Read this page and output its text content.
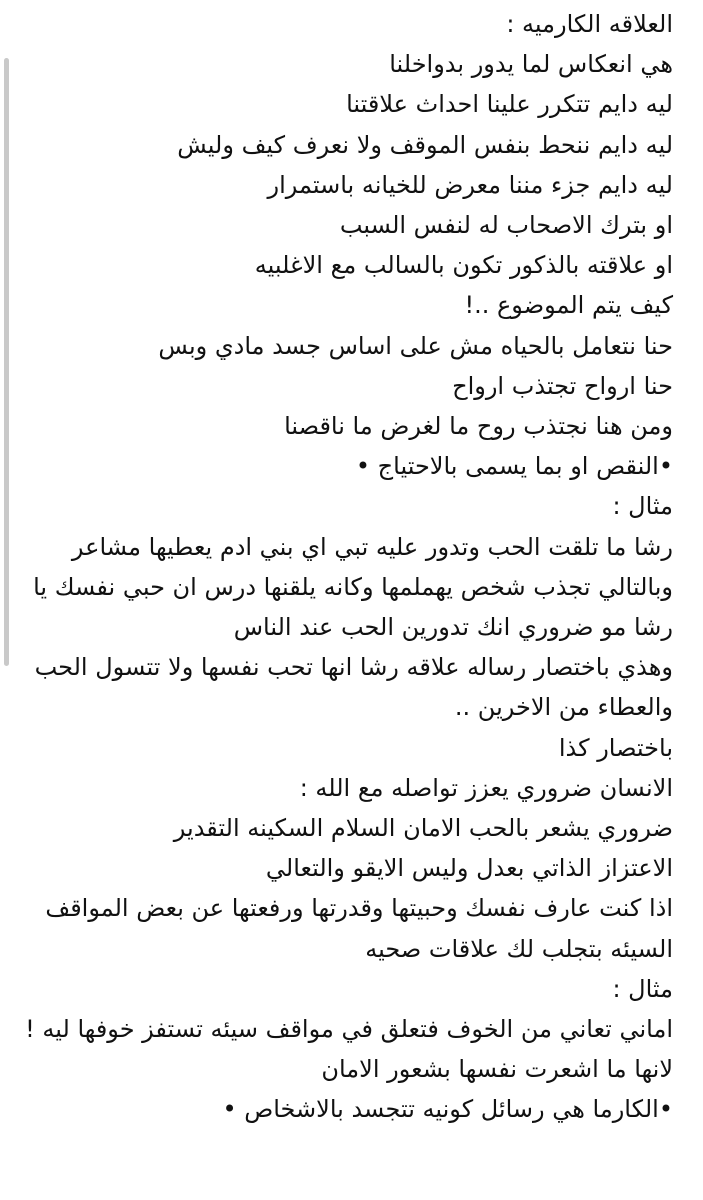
العلاقه الكارميه :
هي انعكاس لما يدور بدواخلنا
ليه دايم تتكرر علينا احداث علاقتنا
ليه دايم ننحط بنفس الموقف ولا نعرف كيف وليش
ليه دايم جزء مننا معرض للخيانه باستمرار
او بترك الاصحاب له لنفس السبب
او علاقته بالذكور تكون بالسالب مع الاغلبيه
كيف يتم الموضوع ..!
حنا نتعامل بالحياه مش على اساس جسد مادي وبس
حنا ارواح تجتذب ارواح
ومن هنا نجتذب روح ما لغرض ما ناقصنا
•النقص او بما يسمى بالاحتياج •
مثال :
رشا ما تلقت الحب وتدور عليه تبي اي بني ادم يعطيها مشاعر
وبالتالي تجذب شخص يهملمها وكانه يلقنها درس ان حبي نفسك يا رشا مو ضروري انك تدورين الحب عند الناس
وهذي باختصار رساله علاقه رشا انها تحب نفسها ولا تتسول الحب والعطاء من الاخرين ..
باختصار كذا
الانسان ضروري يعزز تواصله مع الله :
ضروري يشعر بالحب الامان السلام السكينه التقدير
الاعتزاز الذاتي بعدل وليس الايقو والتعالي
اذا كنت عارف نفسك وحبيتها وقدرتها ورفعتها عن بعض المواقف السيئه بتجلب لك علاقات صحيه
مثال :
اماني تعاني من الخوف فتعلق في مواقف سيئه تستفز خوفها ليه !
لانها ما اشعرت نفسها بشعور الامان
•الكارما هي رسائل كونيه تتجسد بالاشخاص •
